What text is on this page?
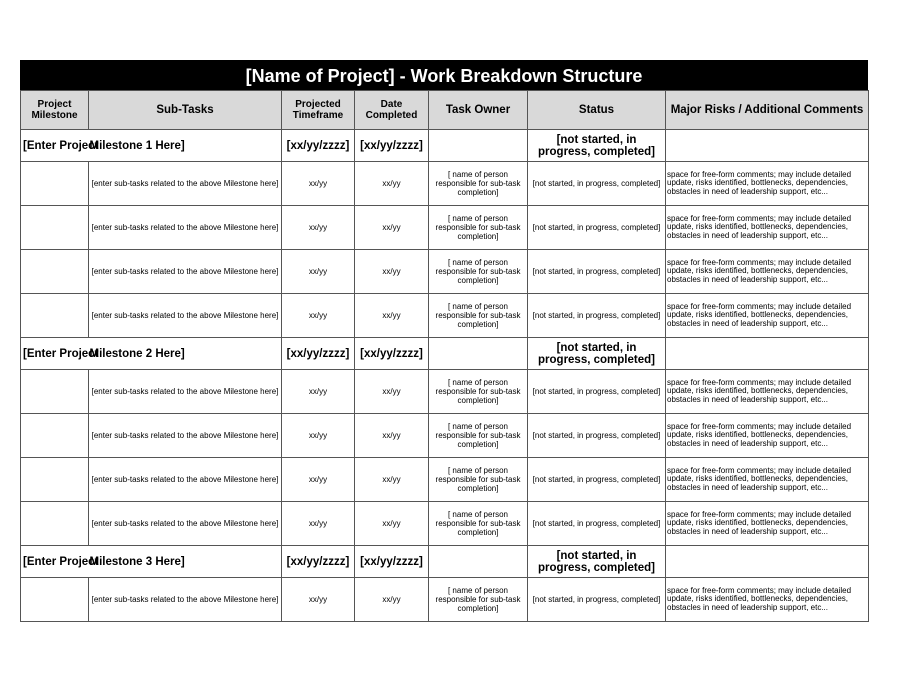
[Name of Project] - Work Breakdown Structure
Project Milestone	Sub-Tasks	Projected Timeframe	Date Completed	Task Owner	Status	Major Risks / Additional Comments
[Enter Project	Milestone 1 Here]	[xx/yy/zzzz]	[xx/yy/zzzz]		[not started, in progress, completed]	
	[enter sub-tasks related to the above Milestone here]	xx/yy	xx/yy	[ name of person responsible for sub-task completion]	[not started, in progress, completed]	space for free-form comments; may include detailed update, risks identified, bottlenecks, dependencies, obstacles in need of leadership support, etc...
	[enter sub-tasks related to the above Milestone here]	xx/yy	xx/yy	[ name of person responsible for sub-task completion]	[not started, in progress, completed]	space for free-form comments; may include detailed update, risks identified, bottlenecks, dependencies, obstacles in need of leadership support, etc...
	[enter sub-tasks related to the above Milestone here]	xx/yy	xx/yy	[ name of person responsible for sub-task completion]	[not started, in progress, completed]	space for free-form comments; may include detailed update, risks identified, bottlenecks, dependencies, obstacles in need of leadership support, etc...
	[enter sub-tasks related to the above Milestone here]	xx/yy	xx/yy	[ name of person responsible for sub-task completion]	[not started, in progress, completed]	space for free-form comments; may include detailed update, risks identified, bottlenecks, dependencies, obstacles in need of leadership support, etc...
[Enter Project	Milestone 2 Here]	[xx/yy/zzzz]	[xx/yy/zzzz]		[not started, in progress, completed]	
	[enter sub-tasks related to the above Milestone here]	xx/yy	xx/yy	[ name of person responsible for sub-task completion]	[not started, in progress, completed]	space for free-form comments; may include detailed update, risks identified, bottlenecks, dependencies, obstacles in need of leadership support, etc...
	[enter sub-tasks related to the above Milestone here]	xx/yy	xx/yy	[ name of person responsible for sub-task completion]	[not started, in progress, completed]	space for free-form comments; may include detailed update, risks identified, bottlenecks, dependencies, obstacles in need of leadership support, etc...
	[enter sub-tasks related to the above Milestone here]	xx/yy	xx/yy	[ name of person responsible for sub-task completion]	[not started, in progress, completed]	space for free-form comments; may include detailed update, risks identified, bottlenecks, dependencies, obstacles in need of leadership support, etc...
	[enter sub-tasks related to the above Milestone here]	xx/yy	xx/yy	[ name of person responsible for sub-task completion]	[not started, in progress, completed]	space for free-form comments; may include detailed update, risks identified, bottlenecks, dependencies, obstacles in need of leadership support, etc...
[Enter Project	Milestone 3 Here]	[xx/yy/zzzz]	[xx/yy/zzzz]		[not started, in progress, completed]	
	[enter sub-tasks related to the above Milestone here]	xx/yy	xx/yy	[ name of person responsible for sub-task completion]	[not started, in progress, completed]	space for free-form comments; may include detailed update, risks identified, bottlenecks, dependencies, obstacles in need of leadership support, etc...
